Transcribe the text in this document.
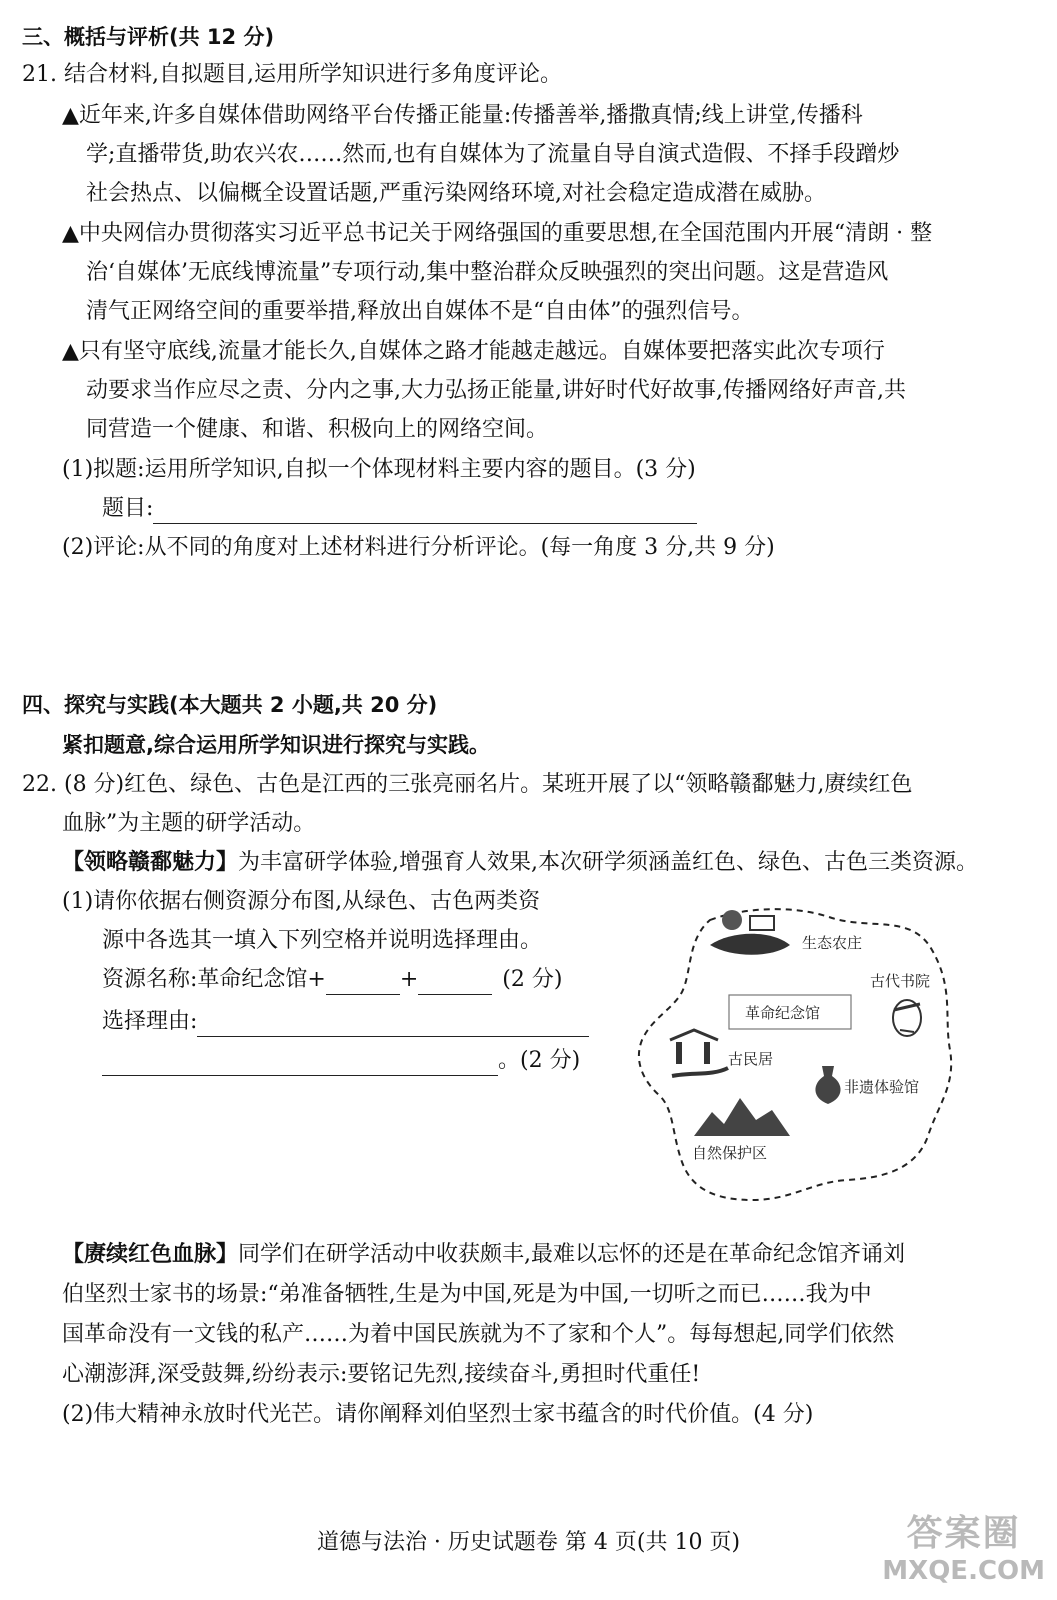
三、概括与评析(共 12 分)
21. 结合材料,自拟题目,运用所学知识进行多角度评论。
▲近年来,许多自媒体借助网络平台传播正能量:传播善举,播撒真情;线上讲堂,传播科
学;直播带货,助农兴农……然而,也有自媒体为了流量自导自演式造假、不择手段蹭炒
社会热点、以偏概全设置话题,严重污染网络环境,对社会稳定造成潜在威胁。
▲中央网信办贯彻落实习近平总书记关于网络强国的重要思想,在全国范围内开展“清朗 · 整
治‘自媒体’无底线博流量”专项行动,集中整治群众反映强烈的突出问题。这是营造风
清气正网络空间的重要举措,释放出自媒体不是“自由体”的强烈信号。
▲只有坚守底线,流量才能长久,自媒体之路才能越走越远。自媒体要把落实此次专项行
动要求当作应尽之责、分内之事,大力弘扬正能量,讲好时代好故事,传播网络好声音,共
同营造一个健康、和谐、积极向上的网络空间。
(1)拟题:运用所学知识,自拟一个体现材料主要内容的题目。(3 分)
题目:
(2)评论:从不同的角度对上述材料进行分析评论。(每一角度 3 分,共 9 分)
四、探究与实践(本大题共 2 小题,共 20 分)
紧扣题意,综合运用所学知识进行探究与实践。
22. (8 分)红色、绿色、古色是江西的三张亮丽名片。某班开展了以“领略赣鄱魅力,赓续红色
血脉”为主题的研学活动。
【领略赣鄱魅力】为丰富研学体验,增强育人效果,本次研学须涵盖红色、绿色、古色三类资源。
(1)请你依据右侧资源分布图,从绿色、古色两类资
源中各选其一填入下列空格并说明选择理由。
资源名称:革命纪念馆+	+	(2 分)
选择理由:
。(2 分)
生态农庄
古代书院
革命纪念馆
古民居
非遗体验馆
自然保护区
【赓续红色血脉】同学们在研学活动中收获颇丰,最难以忘怀的还是在革命纪念馆齐诵刘
伯坚烈士家书的场景:“弟准备牺牲,生是为中国,死是为中国,一切听之而已……我为中
国革命没有一文钱的私产……为着中国民族就为不了家和个人”。每每想起,同学们依然
心潮澎湃,深受鼓舞,纷纷表示:要铭记先烈,接续奋斗,勇担时代重任!
(2)伟大精神永放时代光芒。请你阐释刘伯坚烈士家书蕴含的时代价值。(4 分)
道德与法治 · 历史试题卷 第 4 页(共 10 页)	答案圈
MXQE.COM
